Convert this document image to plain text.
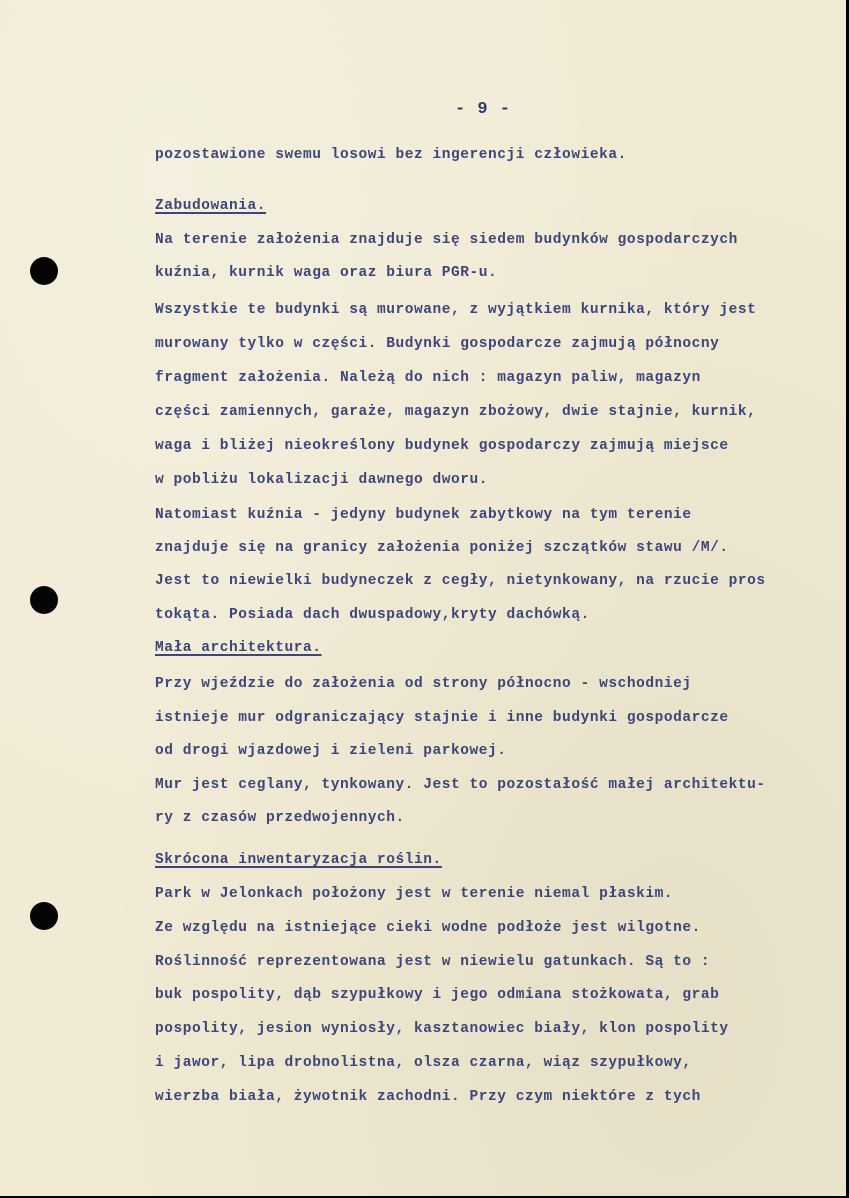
- 9 -
pozostawione swemu losowi bez ingerencji człowieka.
Zabudowania.
Na terenie założenia znajduje się siedem budynków gospodarczych
kuźnia, kurnik waga oraz biura PGR-u.
Wszystkie te budynki są murowane, z wyjątkiem kurnika, który jest
murowany tylko w części. Budynki gospodarcze zajmują północny
fragment założenia. Należą do nich : magazyn paliw, magazyn
części zamiennych, garaże, magazyn zbożowy, dwie stajnie, kurnik,
waga i bliżej nieokreślony budynek gospodarczy zajmują miejsce
w pobliżu lokalizacji dawnego dworu.
Natomiast kuźnia - jedyny budynek zabytkowy na tym terenie
znajduje się na granicy założenia poniżej szczątków stawu /M/.
Jest to niewielki budyneczek z cegły, nietynkowany, na rzucie pros
tokąta. Posiada dach dwuspadowy,kryty dachówką.
Mała architektura.
Przy wjeździe do założenia od strony północno - wschodniej
istnieje mur odgraniczający stajnie i inne budynki gospodarcze
od drogi wjazdowej i zieleni parkowej.
Mur jest ceglany, tynkowany. Jest to pozostałość małej architektu-
ry z czasów przedwojennych.
Skrócona inwentaryzacja roślin.
Park w Jelonkach położony jest w terenie niemal płaskim.
Ze względu na istniejące cieki wodne podłoże jest wilgotne.
Roślinność reprezentowana jest w niewielu gatunkach. Są to :
buk pospolity, dąb szypułkowy i jego odmiana stożkowata, grab
pospolity, jesion wyniosły, kasztanowiec biały, klon pospolity
i jawor, lipa drobnolistna, olsza czarna, wiąz szypułkowy,
wierzba biała, żywotnik zachodni. Przy czym niektóre z tych
